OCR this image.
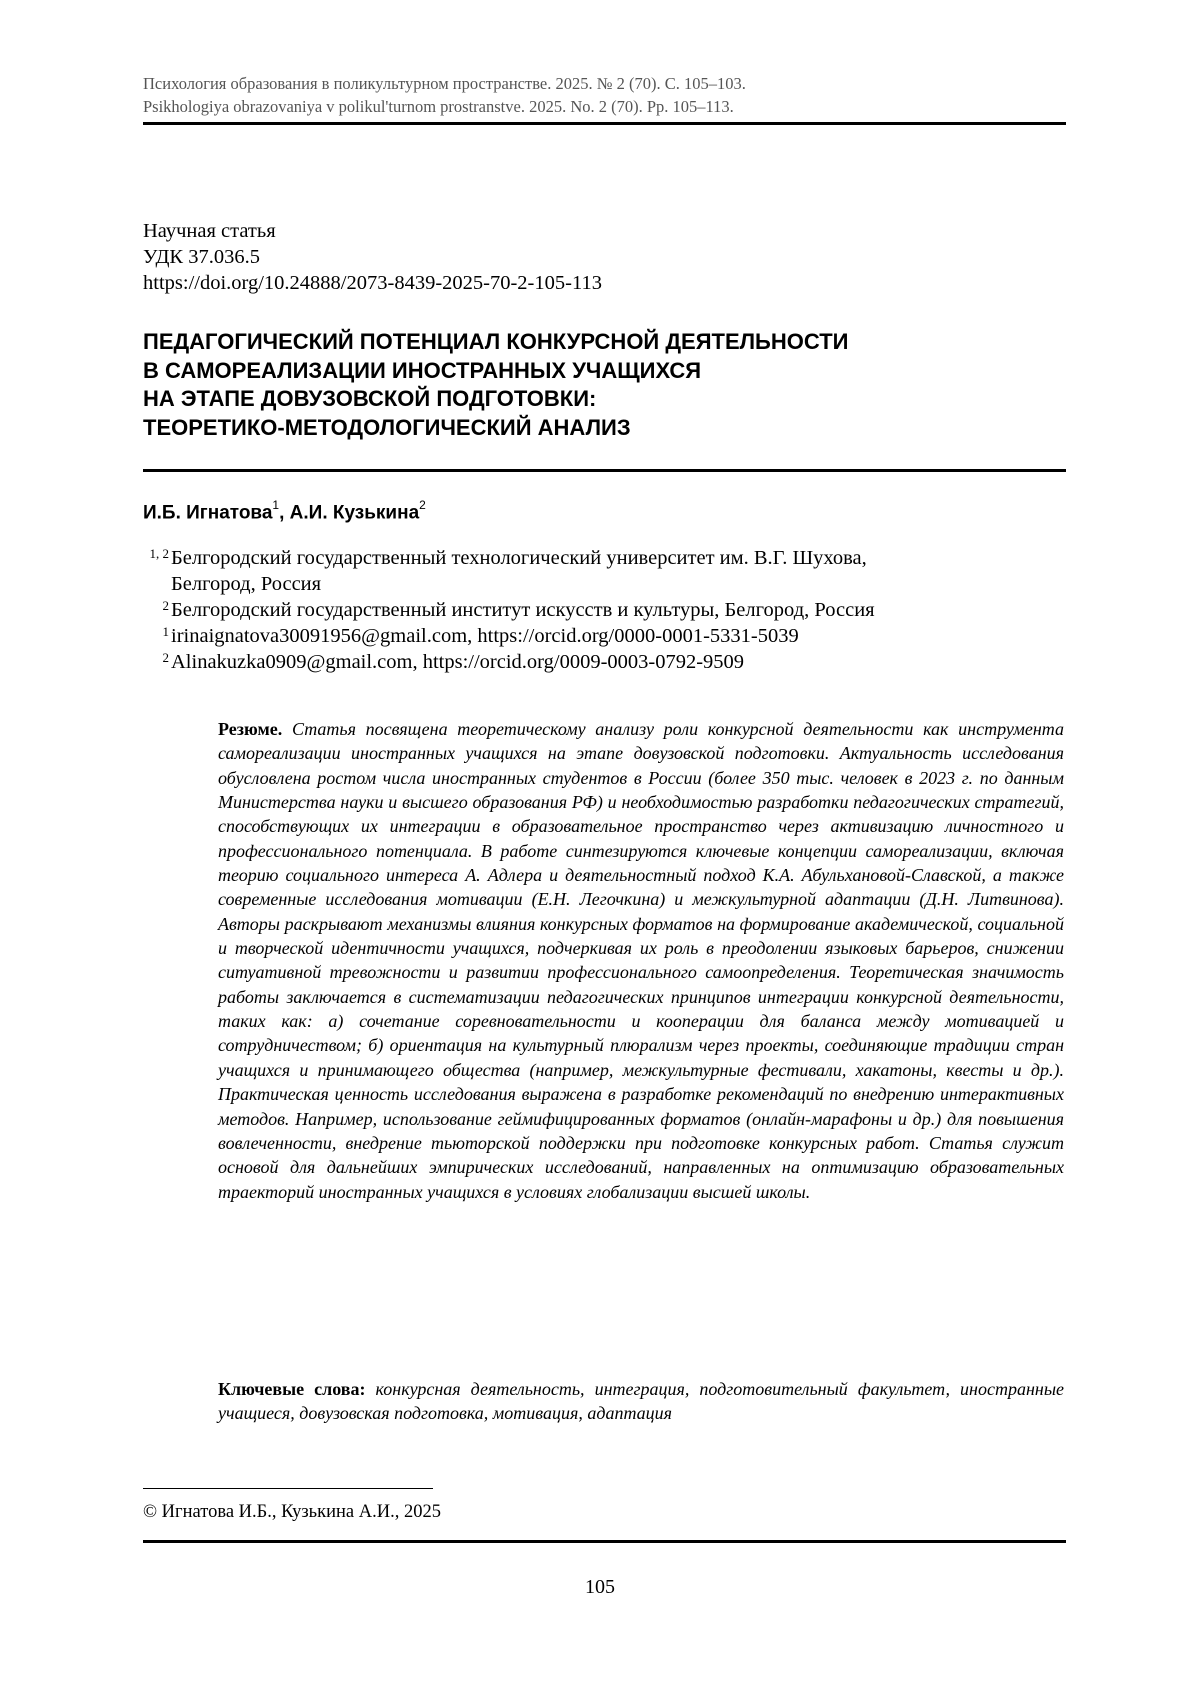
Психология образования в поликультурном пространстве. 2025. № 2 (70). С. 105–103.
Psikhologiya obrazovaniya v polikul'turnom prostranstve. 2025. No. 2 (70). Pp. 105–113.
Научная статья
УДК 37.036.5
https://doi.org/10.24888/2073-8439-2025-70-2-105-113
ПЕДАГОГИЧЕСКИЙ ПОТЕНЦИАЛ КОНКУРСНОЙ ДЕЯТЕЛЬНОСТИ
В САМОРЕАЛИЗАЦИИ ИНОСТРАННЫХ УЧАЩИХСЯ
НА ЭТАПЕ ДОВУЗОВСКОЙ ПОДГОТОВКИ:
ТЕОРЕТИКО-МЕТОДОЛОГИЧЕСКИЙ АНАЛИЗ
И.Б. Игнатова$^1$, А.И. Кузькина$^2$
1, 2 Белгородский государственный технологический университет им. В.Г. Шухова,
Белгород, Россия
2 Белгородский государственный институт искусств и культуры, Белгород, Россия
1 irinaignatova30091956@gmail.com, https://orcid.org/0000-0001-5331-5039
2 Alinakuzka0909@gmail.com, https://orcid.org/0009-0003-0792-9509
Резюме. Статья посвящена теоретическому анализу роли конкурсной деятельности как инструмента самореализации иностранных учащихся на этапе довузовской подготовки. Актуальность исследования обусловлена ростом числа иностранных студентов в России (более 350 тыс. человек в 2023 г. по данным Министерства науки и высшего образования РФ) и необходимостью разработки педагогических стратегий, способствующих их интеграции в образовательное пространство через активизацию личностного и профессионального потенциала. В работе синтезируются ключевые концепции самореализации, включая теорию социального интереса А. Адлера и деятельностный подход К.А. Абульхановой-Славской, а также современные исследования мотивации (Е.Н. Легочкина) и межкультурной адаптации (Д.Н. Литвинова). Авторы раскрывают механизмы влияния конкурсных форматов на формирование академической, социальной и творческой идентичности учащихся, подчеркивая их роль в преодолении языковых барьеров, снижении ситуативной тревожности и развитии профессионального самоопределения. Теоретическая значимость работы заключается в систематизации педагогических принципов интеграции конкурсной деятельности, таких как: а) сочетание соревновательности и кооперации для баланса между мотивацией и сотрудничеством; б) ориентация на культурный плюрализм через проекты, соединяющие традиции стран учащихся и принимающего общества (например, межкультурные фестивали, хакатоны, квесты и др.). Практическая ценность исследования выражена в разработке рекомендаций по внедрению интерактивных методов. Например, использование геймифицированных форматов (онлайн-марафоны и др.) для повышения вовлеченности, внедрение тьюторской поддержки при подготовке конкурсных работ. Статья служит основой для дальнейших эмпирических исследований, направленных на оптимизацию образовательных траекторий иностранных учащихся в условиях глобализации высшей школы.
Ключевые слова: конкурсная деятельность, интеграция, подготовительный факультет, иностранные учащиеся, довузовская подготовка, мотивация, адаптация
© Игнатова И.Б., Кузькина А.И., 2025
105
